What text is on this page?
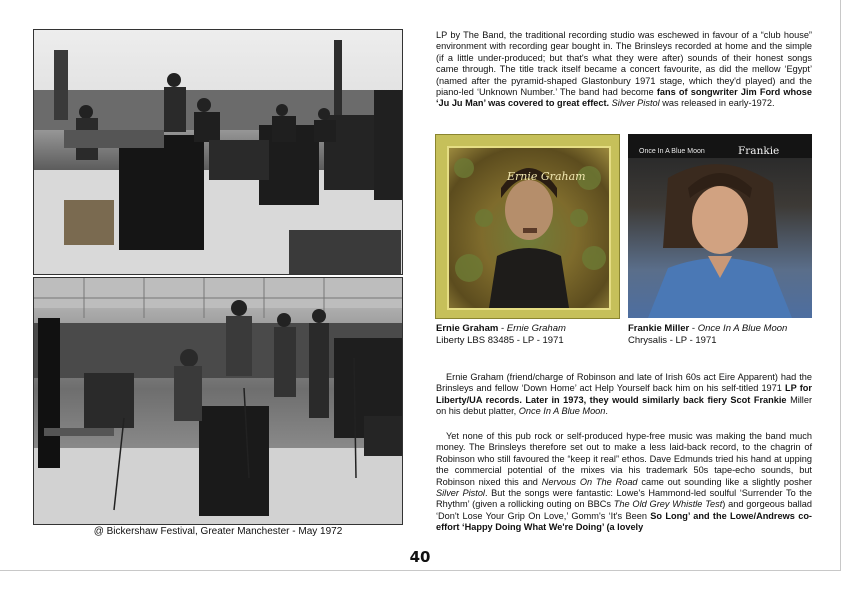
@ Bickershaw Festival, Greater Manchester - May 1972

LP by The Band, the traditional recording studio was eschewed in favour of a “club house” environment with recording gear bought in. The Brinsleys recorded at home and the simple (if a little under-produced; but that's what they were after) sounds of their honest songs came through. The title track itself became a concert favourite, as did the mellow ‘Egypt’ (named after the pyramid-shaped Glastonbury 1971 stage, which they'd played) and the piano-led ‘Unknown Number.’ The band had become fans of songwriter Jim Ford whose ‘Ju Ju Man’ was covered to great effect. Silver Pistol was released in early-1972.

Ernie Graham
Once In A Blue Moon	Frankie
Ernie Graham - Ernie Graham
Liberty LBS 83485 - LP - 1971
Frankie Miller - Once In A Blue Moon
Chrysalis - LP - 1971

Ernie Graham (friend/charge of Robinson and late of Irish 60s act Eire Apparent) had the Brinsleys and fellow ‘Down Home’ act Help Yourself back him on his self-titled 1971 LP for Liberty/UA records. Later in 1973, they would similarly back fiery Scot Frankie Miller on his debut platter, Once In A Blue Moon.

Yet none of this pub rock or self-produced hype-free music was making the band much money. The Brinsleys therefore set out to make a less laid-back record, to the chagrin of Robinson who still favoured the “keep it real” ethos. Dave Edmunds tried his hand at upping the commercial potential of the mixes via his trademark 50s tape-echo sounds, but Robinson nixed this and Nervous On The Road came out sounding like a slightly posher Silver Pistol. But the songs were fantastic: Lowe's Hammond-led soulful ‘Surrender To the Rhythm’ (given a rollicking outing on BBCs The Old Grey Whistle Test) and gorgeous ballad ‘Don't Lose Your Grip On Love,’ Gomm's ‘It's Been So Long’ and the Lowe/Andrews co-effort ‘Happy Doing What We're Doing’ (a lovely

40
